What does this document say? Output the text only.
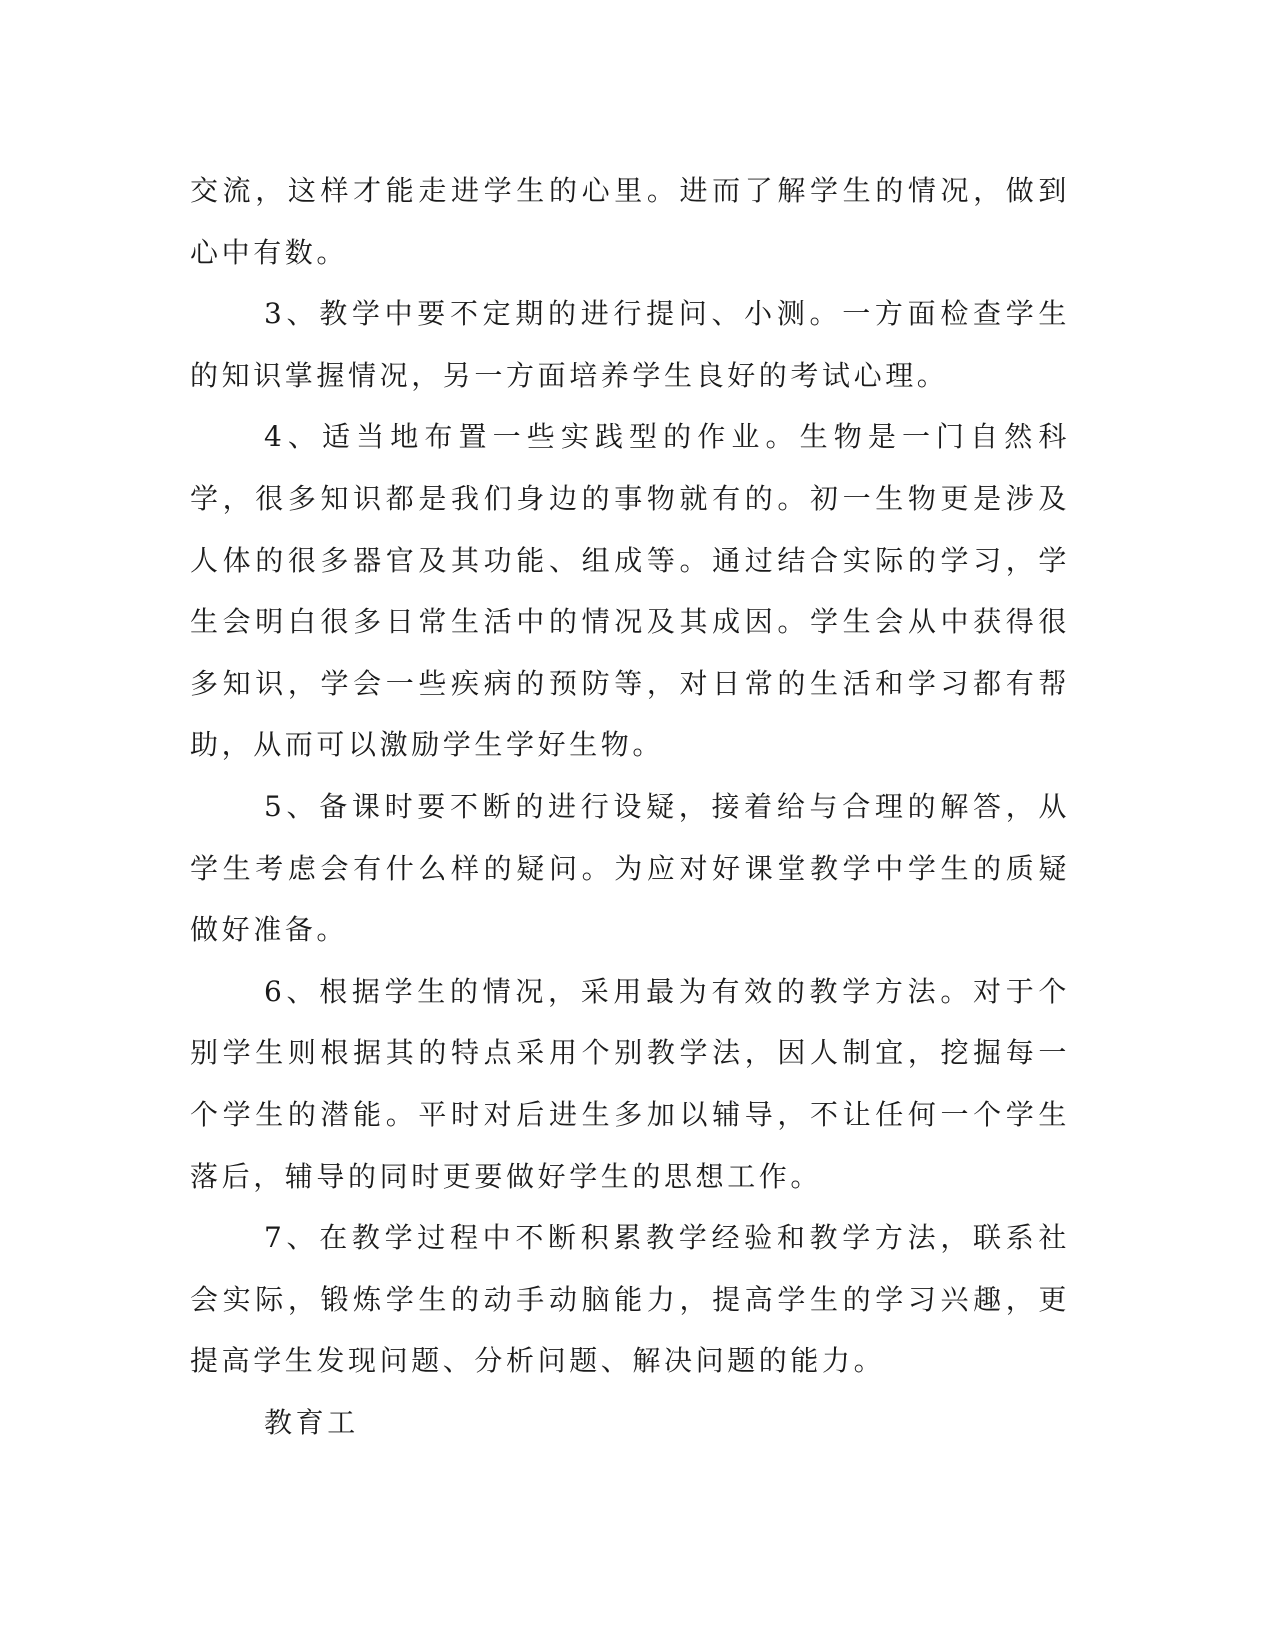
交流，这样才能走进学生的心里。进而了解学生的情况，做到心中有数。

3、教学中要不定期的进行提问、小测。一方面检查学生的知识掌握情况，另一方面培养学生良好的考试心理。

4、适当地布置一些实践型的作业。生物是一门自然科学，很多知识都是我们身边的事物就有的。初一生物更是涉及人体的很多器官及其功能、组成等。通过结合实际的学习，学生会明白很多日常生活中的情况及其成因。学生会从中获得很多知识，学会一些疾病的预防等，对日常的生活和学习都有帮助，从而可以激励学生学好生物。

5、备课时要不断的进行设疑，接着给与合理的解答，从学生考虑会有什么样的疑问。为应对好课堂教学中学生的质疑做好准备。

6、根据学生的情况，采用最为有效的教学方法。对于个别学生则根据其的特点采用个别教学法，因人制宜，挖掘每一个学生的潜能。平时对后进生多加以辅导，不让任何一个学生落后，辅导的同时更要做好学生的思想工作。

7、在教学过程中不断积累教学经验和教学方法，联系社会实际，锻炼学生的动手动脑能力，提高学生的学习兴趣，更提高学生发现问题、分析问题、解决问题的能力。

教育工
